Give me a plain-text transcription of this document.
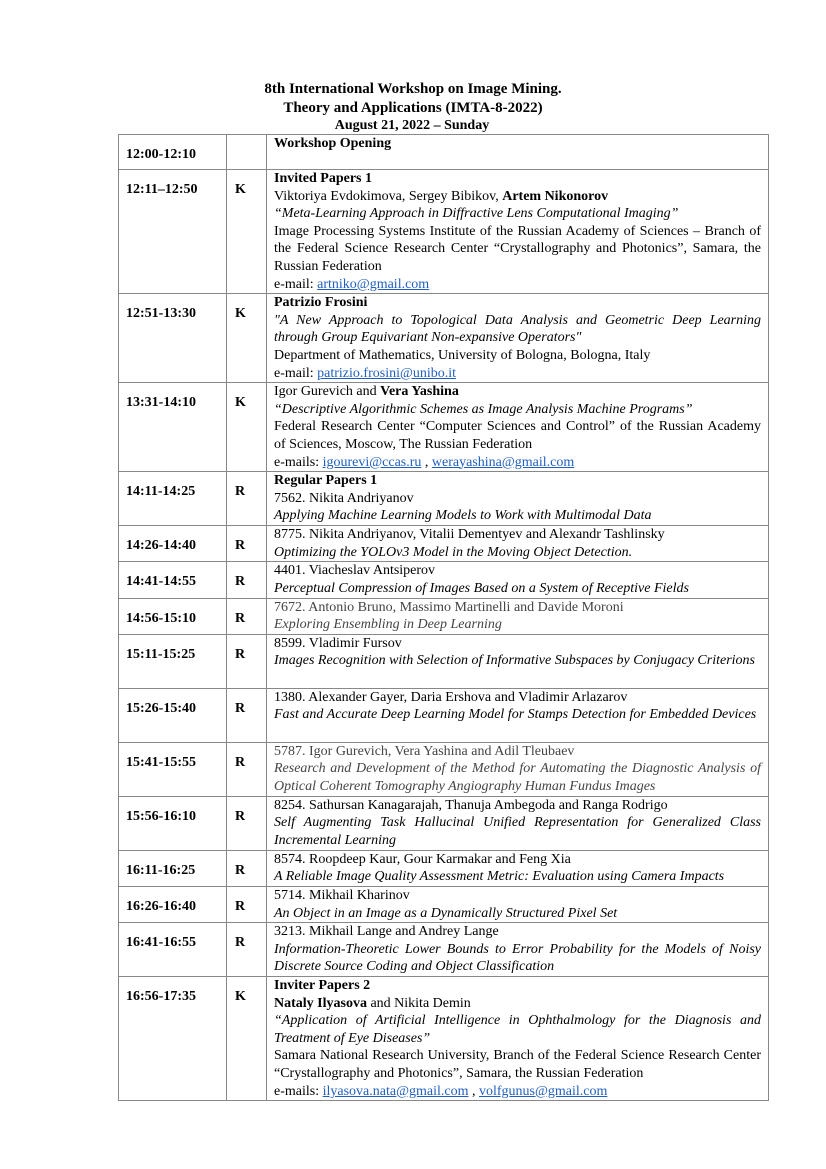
8th International Workshop on Image Mining.
Theory and Applications (IMTA-8-2022)
August 21, 2022 – Sunday
12:00-12:10		Workshop Opening

12:11–12:50	K	Invited Papers 1
Viktoriya Evdokimova, Sergey Bibikov, Artem Nikonorov
“Meta-Learning Approach in Diffractive Lens Computational Imaging”
Image Processing Systems Institute of the Russian Academy of Sciences – Branch of the Federal Science Research Center “Crystallography and Photonics”, Samara, the Russian Federation
e-mail: artniko@gmail.com

12:51-13:30	K	Patrizio Frosini
"A New Approach to Topological Data Analysis and Geometric Deep Learning through Group Equivariant Non-expansive Operators"
Department of Mathematics, University of Bologna, Bologna, Italy
e-mail: patrizio.frosini@unibo.it

13:31-14:10	K	Igor Gurevich and Vera Yashina
“Descriptive Algorithmic Schemes as Image Analysis Machine Programs”
Federal Research Center “Computer Sciences and Control” of the Russian Academy of Sciences, Moscow, The Russian Federation
e-mails: igourevi@ccas.ru , werayashina@gmail.com

14:11-14:25	R	Regular Papers 1
7562. Nikita Andriyanov
Applying Machine Learning Models to Work with Multimodal Data

14:26-14:40	R	8775. Nikita Andriyanov, Vitalii Dementyev and Alexandr Tashlinsky
Optimizing the YOLOv3 Model in the Moving Object Detection.

14:41-14:55	R	4401. Viacheslav Antsiperov
Perceptual Compression of Images Based on a System of Receptive Fields

14:56-15:10	R	7672. Antonio Bruno, Massimo Martinelli and Davide Moroni
Exploring Ensembling in Deep Learning

15:11-15:25	R	8599. Vladimir Fursov
Images Recognition with Selection of Informative Subspaces by Conjugacy Criterions

15:26-15:40	R	1380. Alexander Gayer, Daria Ershova and Vladimir Arlazarov
Fast and Accurate Deep Learning Model for Stamps Detection for Embedded Devices

15:41-15:55	R	5787. Igor Gurevich, Vera Yashina and Adil Tleubaev
Research and Development of the Method for Automating the Diagnostic Analysis of Optical Coherent Tomography Angiography Human Fundus Images

15:56-16:10	R	8254. Sathursan Kanagarajah, Thanuja Ambegoda and Ranga Rodrigo
Self Augmenting Task Hallucinal Unified Representation for Generalized Class Incremental Learning

16:11-16:25	R	8574. Roopdeep Kaur, Gour Karmakar and Feng Xia
A Reliable Image Quality Assessment Metric: Evaluation using Camera Impacts

16:26-16:40	R	5714. Mikhail Kharinov
An Object in an Image as a Dynamically Structured Pixel Set

16:41-16:55	R	3213. Mikhail Lange and Andrey Lange
Information-Theoretic Lower Bounds to Error Probability for the Models of Noisy Discrete Source Coding and Object Classification

16:56-17:35	K	Inviter Papers 2
Nataly Ilyasova and Nikita Demin
“Application of Artificial Intelligence in Ophthalmology for the Diagnosis and Treatment of Eye Diseases”
Samara National Research University, Branch of the Federal Science Research Center “Crystallography and Photonics”, Samara, the Russian Federation
e-mails: ilyasova.nata@gmail.com , volfgunus@gmail.com
